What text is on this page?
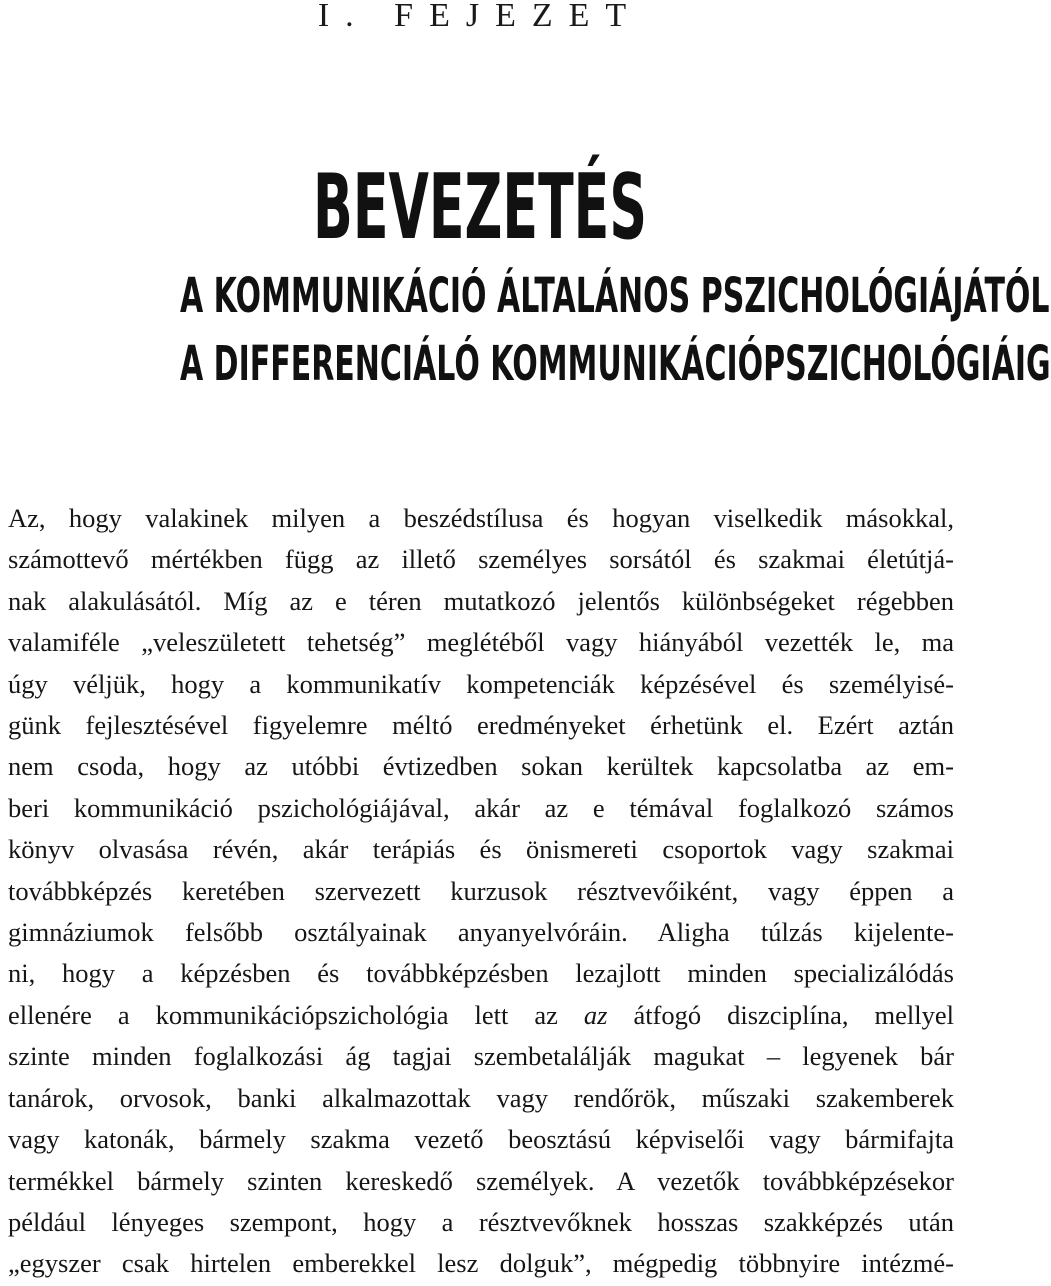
I. FEJEZET
BEVEZETÉS
A KOMMUNIKÁCIÓ ÁLTALÁNOS PSZICHOLÓGIÁJÁTÓL
A DIFFERENCIÁLÓ KOMMUNIKÁCIÓPSZICHOLÓGIÁIG
Az, hogy valakinek milyen a beszédstílusa és hogyan viselkedik másokkal,
számottevő mértékben függ az illető személyes sorsától és szakmai életútjá-
nak alakulásától. Míg az e téren mutatkozó jelentős különbségeket régebben
valamiféle „veleszületett tehetség” meglétéből vagy hiányából vezették le, ma
úgy véljük, hogy a kommunikatív kompetenciák képzésével és személyisé-
günk fejlesztésével figyelemre méltó eredményeket érhetünk el. Ezért aztán
nem csoda, hogy az utóbbi évtizedben sokan kerültek kapcsolatba az em-
beri kommunikáció pszichológiájával, akár az e témával foglalkozó számos
könyv olvasása révén, akár terápiás és önismereti csoportok vagy szakmai
továbbképzés keretében szervezett kurzusok résztvevőiként, vagy éppen a
gimnáziumok felsőbb osztályainak anyanyelvóráin. Aligha túlzás kijelente-
ni, hogy a képzésben és továbbképzésben lezajlott minden specializálódás
ellenére a kommunikációpszichológia lett az az átfogó diszciplína, mellyel
szinte minden foglalkozási ág tagjai szembetalálják magukat – legyenek bár
tanárok, orvosok, banki alkalmazottak vagy rendőrök, műszaki szakemberek
vagy katonák, bármely szakma vezető beosztású képviselői vagy bármifajta
termékkel bármely szinten kereskedő személyek. A vezetők továbbképzésekor
például lényeges szempont, hogy a résztvevőknek hosszas szakképzés után
„egyszer csak hirtelen emberekkel lesz dolguk”, mégpedig többnyire intézmé-
